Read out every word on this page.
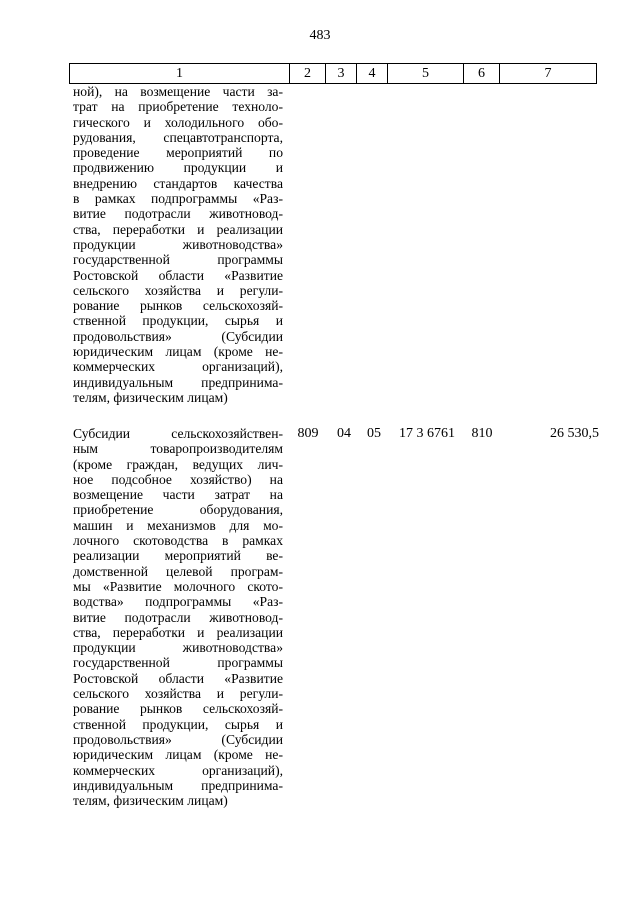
483
1	2	3	4	5	6	7
ной), на возмещение части за-
трат на приобретение техноло-
гического и холодильного обо-
рудования, спецавтотранспорта,
проведение мероприятий по
продвижению продукции и
внедрению стандартов качества
в рамках подпрограммы «Раз-
витие подотрасли животновод-
ства, переработки и реализации
продукции животноводства»
государственной программы
Ростовской области «Развитие
сельского хозяйства и регули-
рование рынков сельскохозяй-
ственной продукции, сырья и
продовольствия» (Субсидии
юридическим лицам (кроме не-
коммерческих организаций),
индивидуальным предпринима-
телям, физическим лицам)
Субсидии сельскохозяйствен-
ным товаропроизводителям
(кроме граждан, ведущих лич-
ное подсобное хозяйство) на
возмещение части затрат на
приобретение оборудования,
машин и механизмов для мо-
лочного скотоводства в рамках
реализации мероприятий ве-
домственной целевой програм-
мы «Развитие молочного ското-
водства» подпрограммы «Раз-
витие подотрасли животновод-
ства, переработки и реализации
продукции животноводства»
государственной программы
Ростовской области «Развитие
сельского хозяйства и регули-
рование рынков сельскохозяй-
ственной продукции, сырья и
продовольствия» (Субсидии
юридическим лицам (кроме не-
коммерческих организаций),
индивидуальным предпринима-
телям, физическим лицам)
809 04 05	17 3 6761	810	26 530,5
